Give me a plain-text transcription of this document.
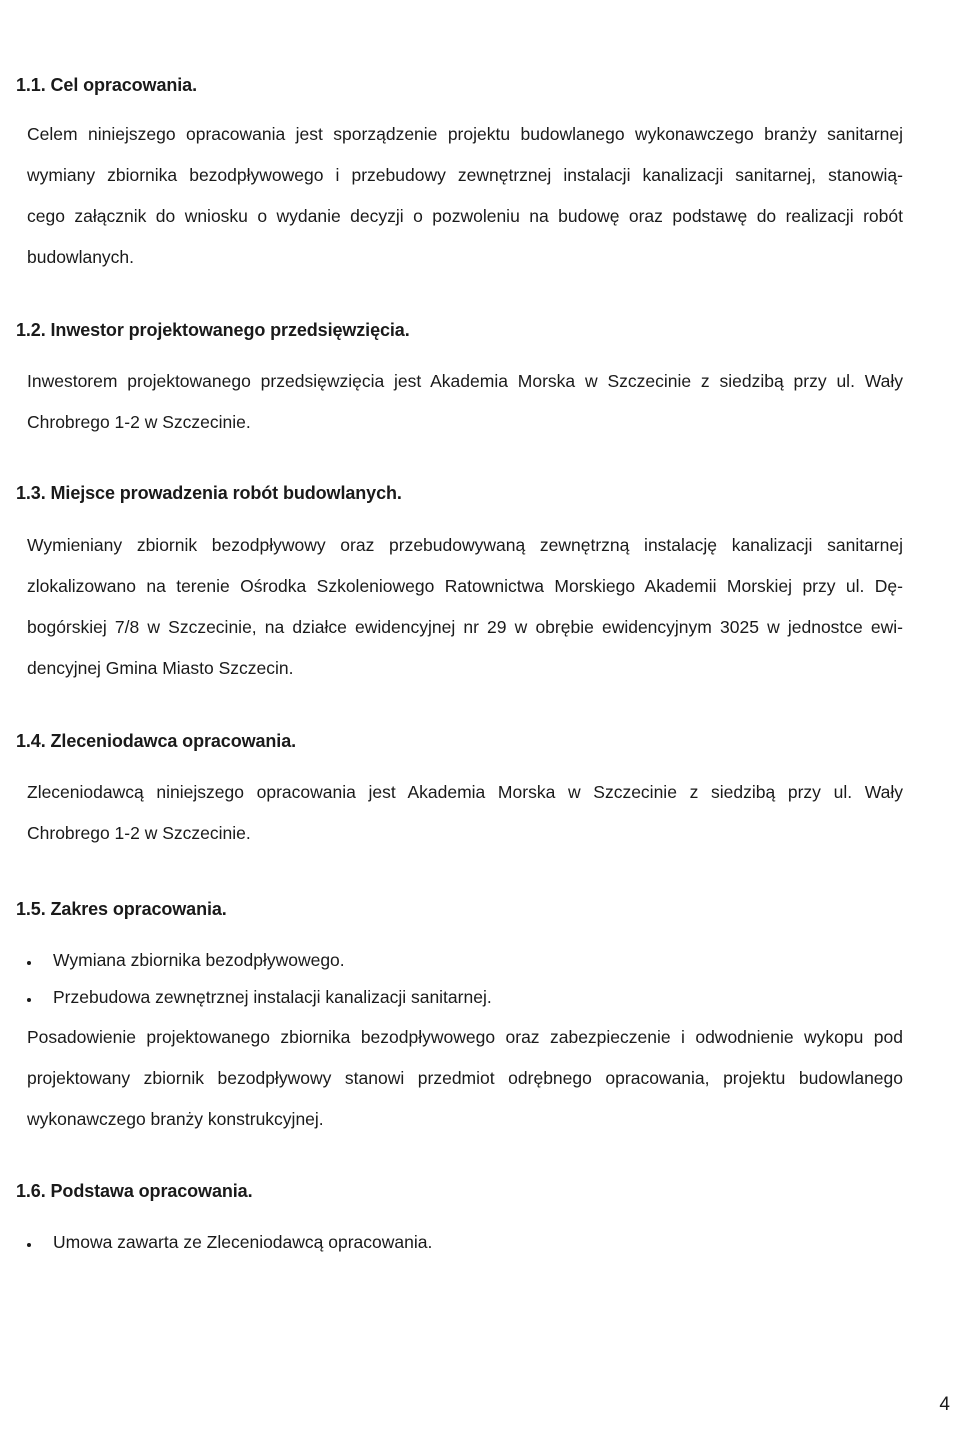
1.1. Cel opracowania.
Celem niniejszego opracowania jest sporządzenie projektu budowlanego wykonawczego branży sanitarnej
wymiany zbiornika bezodpływowego i przebudowy zewnętrznej instalacji kanalizacji sanitarnej, stanowią-
cego załącznik do wniosku o wydanie decyzji o pozwoleniu na budowę oraz podstawę do realizacji robót
budowlanych.
1.2. Inwestor projektowanego przedsięwzięcia.
Inwestorem projektowanego przedsięwzięcia jest Akademia Morska w Szczecinie z siedzibą przy ul. Wały
Chrobrego 1-2 w Szczecinie.
1.3. Miejsce prowadzenia robót budowlanych.
Wymieniany zbiornik bezodpływowy oraz przebudowywaną zewnętrzną instalację kanalizacji sanitarnej
zlokalizowano na terenie Ośrodka Szkoleniowego Ratownictwa Morskiego Akademii Morskiej przy ul. Dę-
bogórskiej 7/8 w Szczecinie, na działce ewidencyjnej nr 29 w obrębie ewidencyjnym 3025 w jednostce ewi-
dencyjnej Gmina Miasto Szczecin.
1.4. Zleceniodawca opracowania.
Zleceniodawcą niniejszego opracowania jest Akademia Morska w Szczecinie z siedzibą przy ul. Wały
Chrobrego 1-2 w Szczecinie.
1.5. Zakres opracowania.
Wymiana zbiornika bezodpływowego.
Przebudowa zewnętrznej instalacji kanalizacji sanitarnej.
Posadowienie projektowanego zbiornika bezodpływowego oraz zabezpieczenie i odwodnienie wykopu pod
projektowany zbiornik bezodpływowy stanowi przedmiot odrębnego opracowania, projektu budowlanego
wykonawczego branży konstrukcyjnej.
1.6. Podstawa opracowania.
Umowa zawarta ze Zleceniodawcą opracowania.
4
